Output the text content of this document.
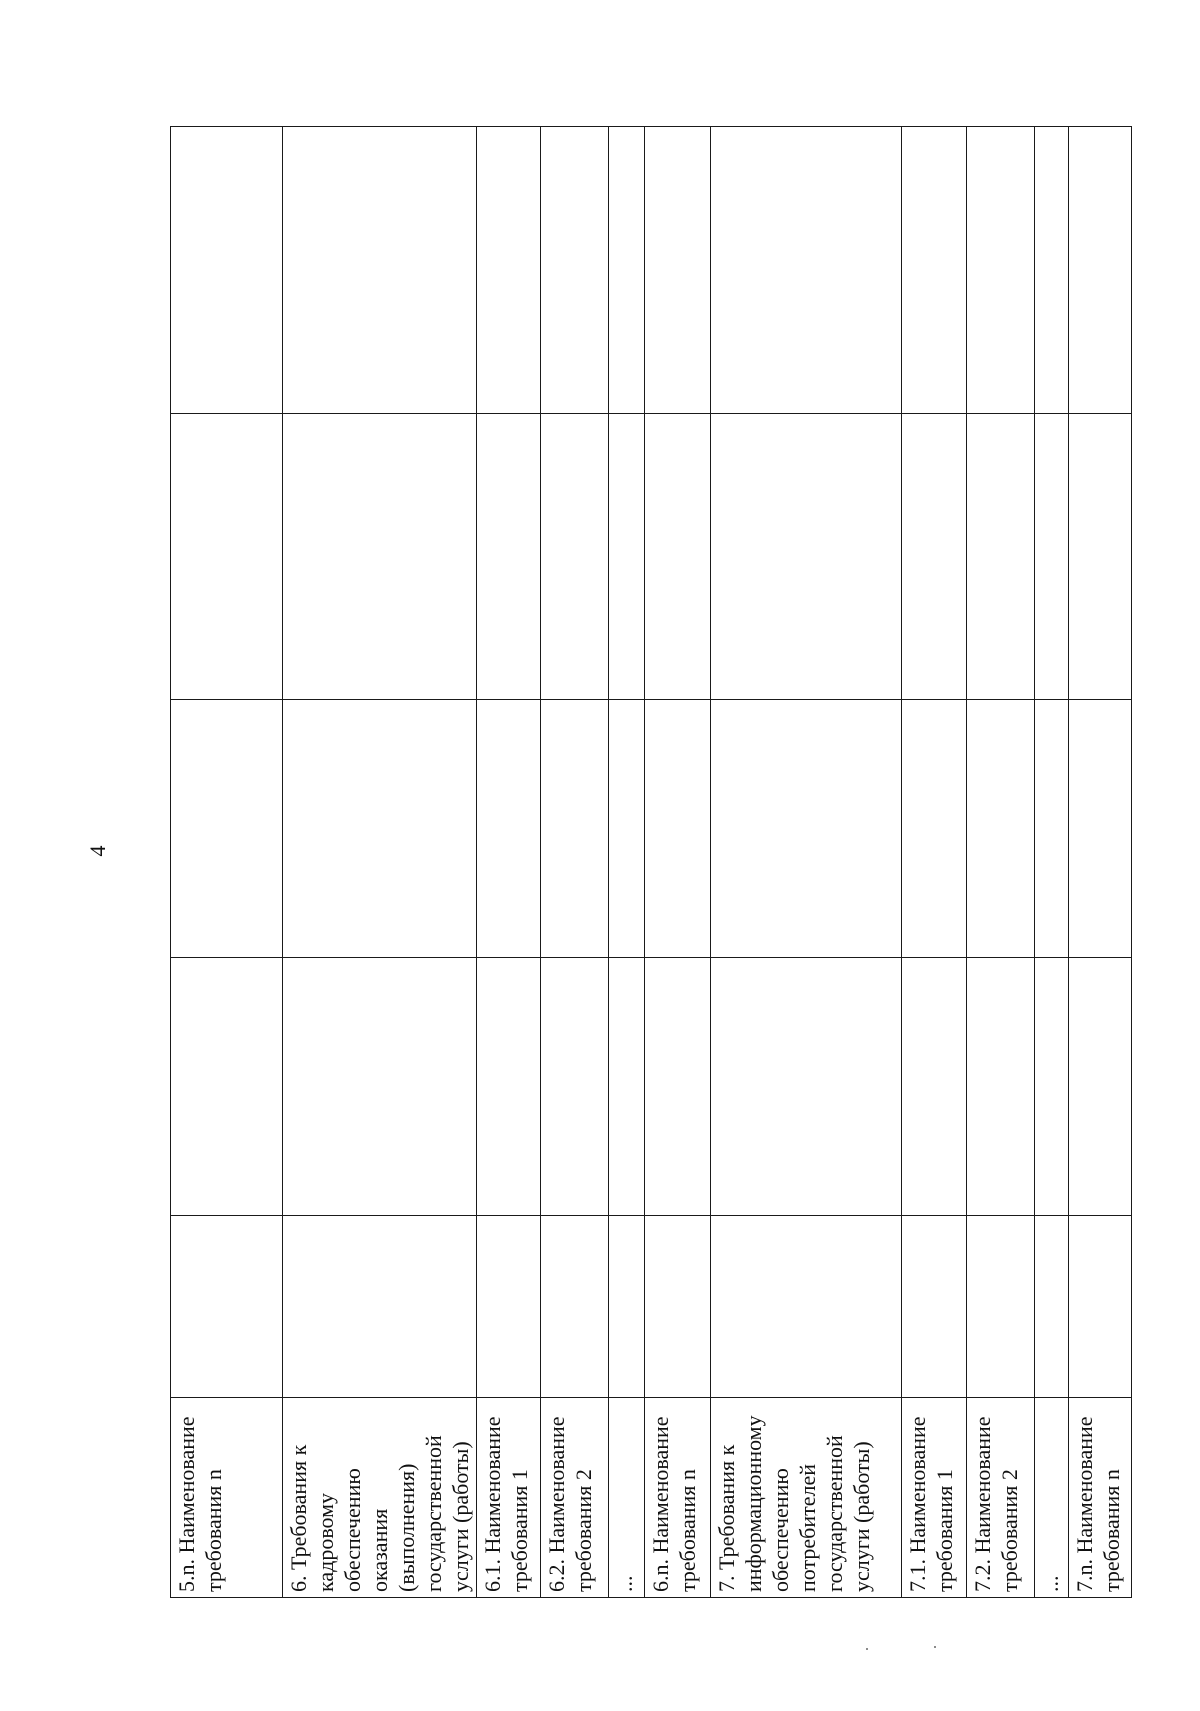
4
5.n. Наименование требования n					
6. Требования к кадровому обеспечению оказания (выполнения) государственной услуги (работы)					
6.1. Наименование требования 1					
6.2. Наименование требования 2					
...					
6.n. Наименование требования n					
7. Требования к информационному обеспечению потребителей государственной услуги (работы)					
7.1. Наименование требования 1					
7.2. Наименование требования 2					
...					
7.n. Наименование требования n					
